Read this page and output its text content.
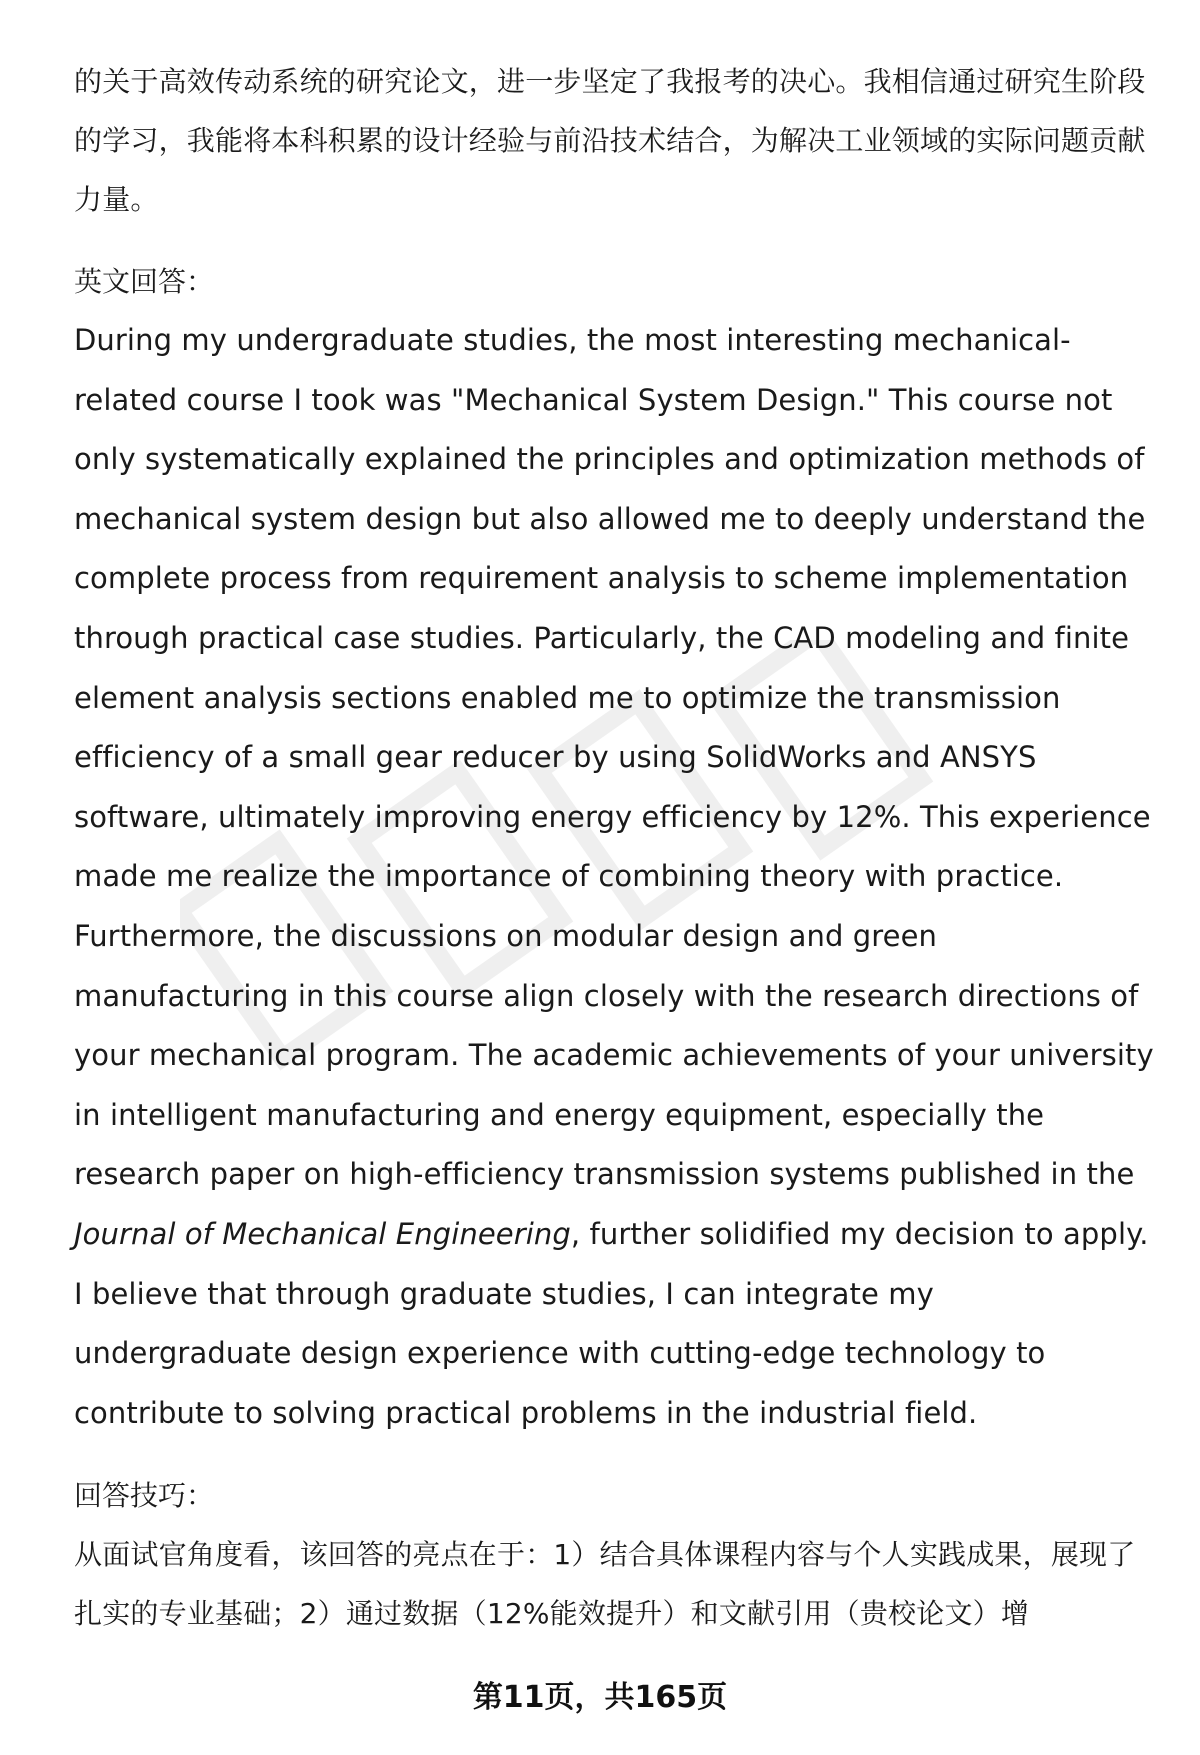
的关于高效传动系统的研究论文，进一步坚定了我报考的决心。我相信通过研究生阶段的学习，我能将本科积累的设计经验与前沿技术结合，为解决工业领域的实际问题贡献力量。

英文回答：

During my undergraduate studies, the most interesting mechanical-related course I took was "Mechanical System Design." This course not only systematically explained the principles and optimization methods of mechanical system design but also allowed me to deeply understand the complete process from requirement analysis to scheme implementation through practical case studies. Particularly, the CAD modeling and finite element analysis sections enabled me to optimize the transmission efficiency of a small gear reducer by using SolidWorks and ANSYS software, ultimately improving energy efficiency by 12%. This experience made me realize the importance of combining theory with practice. Furthermore, the discussions on modular design and green manufacturing in this course align closely with the research directions of your mechanical program. The academic achievements of your university in intelligent manufacturing and energy equipment, especially the research paper on high-efficiency transmission systems published in the Journal of Mechanical Engineering, further solidified my decision to apply. I believe that through graduate studies, I can integrate my undergraduate design experience with cutting-edge technology to contribute to solving practical problems in the industrial field.

回答技巧：

从面试官角度看，该回答的亮点在于：1）结合具体课程内容与个人实践成果，展现了扎实的专业基础；2）通过数据（12%能效提升）和文献引用（贵校论文）增

第11页，共165页
